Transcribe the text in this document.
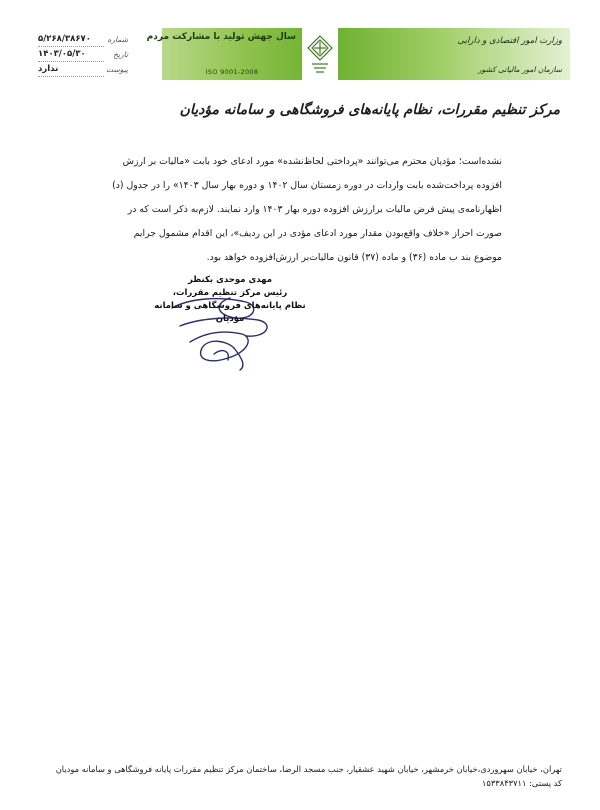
سال جهش تولید با مشارکت مردم
ISO 9001-2008
وزارت امور اقتصادی و دارایی
سازمان امور مالیاتی کشور
۵/۲۶۸/۳۸۶۷۰ شماره
۱۴۰۳/۰۵/۳۰	تاریخ
ندارد	پیوست
مرکز تنظیم مقررات، نظام پایانه‌های فروشگاهی و سامانه مؤدیان
نشده‌است؛ مؤدیان محترم می‌توانند «پرداختی لحاظ‌نشده» مورد ادعای خود بابت «مالیات بر ارزش
افزوده پرداخت‌شده بابت واردات در دوره زمستان سال ۱۴۰۲ و دوره بهار سال ۱۴۰۳» را در جدول (د)
اظهارنامه‌ی پیش فرض مالیات برارزش افزوده دوره بهار ۱۴۰۳ وارد نمایند. لازم‌به ذکر است که در
صورت احراز «خلاف واقع‌بودن مقدار مورد ادعای مؤدی در این ردیف»، این اقدام مشمول جرایم
موضوع بند ب ماده (۳۶) و ماده (۳۷) قانون مالیات‌بر ارزش‌افزوده خواهد بود.
مهدی موحدی بکنظر
رئیس مرکز تنظیم مقررات،
نظام پایانه‌های فروشگاهی و سامانه مؤدیان
تهران، خیابان سهروردی،خیابان خرمشهر، خیابان شهید عشقیار، جنب مسجد الرضا، ساختمان مرکز تنظیم مقررات پایانه فروشگاهی و سامانه مودیان
کد پستی: ۱۵۳۳۸۴۳۷۱۱
